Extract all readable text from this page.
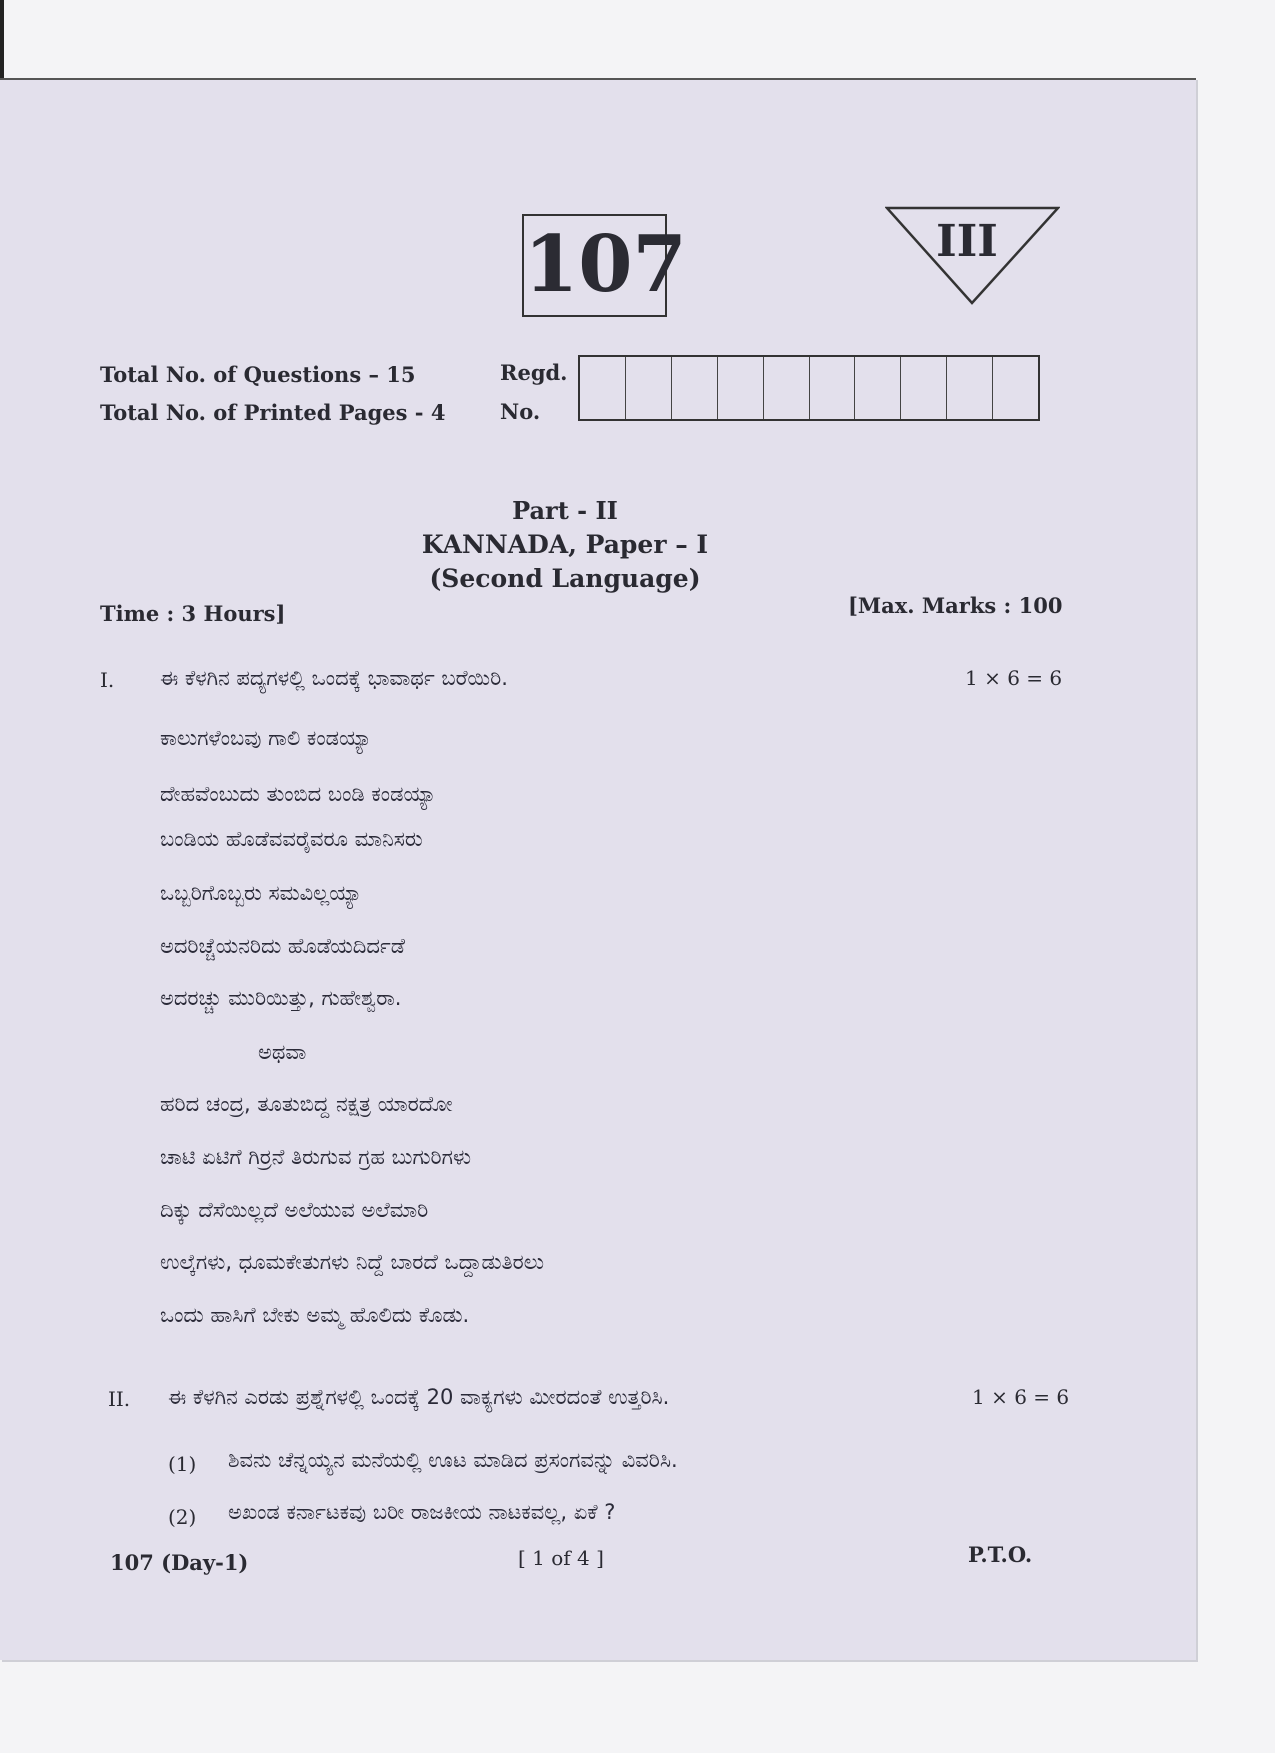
107	III
Total No. of Questions – 15
Total No. of Printed Pages - 4
Regd.
No.
Part - II
KANNADA, Paper – I
(Second Language)
Time : 3 Hours]	[Max. Marks : 100
I. ಈ ಕೆಳಗಿನ ಪದ್ಯಗಳಲ್ಲಿ ಒಂದಕ್ಕೆ ಭಾವಾರ್ಥ ಬರೆಯಿರಿ.	1 × 6 = 6
ಕಾಲುಗಳೆಂಬವು ಗಾಲಿ ಕಂಡಯ್ಯಾ
ದೇಹವೆಂಬುದು ತುಂಬಿದ ಬಂಡಿ ಕಂಡಯ್ಯಾ
ಬಂಡಿಯ ಹೊಡೆವವರೈವರೂ ಮಾನಿಸರು
ಒಬ್ಬರಿಗೊಬ್ಬರು ಸಮವಿಲ್ಲಯ್ಯಾ
ಅದರಿಚ್ಚೆಯನರಿದು ಹೊಡೆಯದಿರ್ದಡೆ
ಅದರಚ್ಚು ಮುರಿಯಿತ್ತು, ಗುಹೇಶ್ವರಾ.
ಅಥವಾ
ಹರಿದ ಚಂದ್ರ, ತೂತುಬಿದ್ದ ನಕ್ಷತ್ರ ಯಾರದೋ
ಚಾಟಿ ಏಟಿಗೆ ಗಿರ್ರನೆ ತಿರುಗುವ ಗ್ರಹ ಬುಗುರಿಗಳು
ದಿಕ್ಕು ದೆಸೆಯಿಲ್ಲದೆ ಅಲೆಯುವ ಅಲೆಮಾರಿ
ಉಲ್ಕೆಗಳು, ಧೂಮಕೇತುಗಳು ನಿದ್ದೆ ಬಾರದೆ ಒದ್ದಾಡುತಿರಲು
ಒಂದು ಹಾಸಿಗೆ ಬೇಕು ಅಮ್ಮ ಹೊಲಿದು ಕೊಡು.
II. ಈ ಕೆಳಗಿನ ಎರಡು ಪ್ರಶ್ನೆಗಳಲ್ಲಿ ಒಂದಕ್ಕೆ 20 ವಾಕ್ಯಗಳು ಮೀರದಂತೆ ಉತ್ತರಿಸಿ.	1 × 6 = 6
(1) ಶಿವನು ಚೆನ್ನಯ್ಯನ ಮನೆಯಲ್ಲಿ ಊಟ ಮಾಡಿದ ಪ್ರಸಂಗವನ್ನು ವಿವರಿಸಿ.
(2) ಅಖಂಡ ಕರ್ನಾಟಕವು ಬರೀ ರಾಜಕೀಯ ನಾಟಕವಲ್ಲ, ಏಕೆ ?
107 (Day-1)	[ 1 of 4 ]	P.T.O.
